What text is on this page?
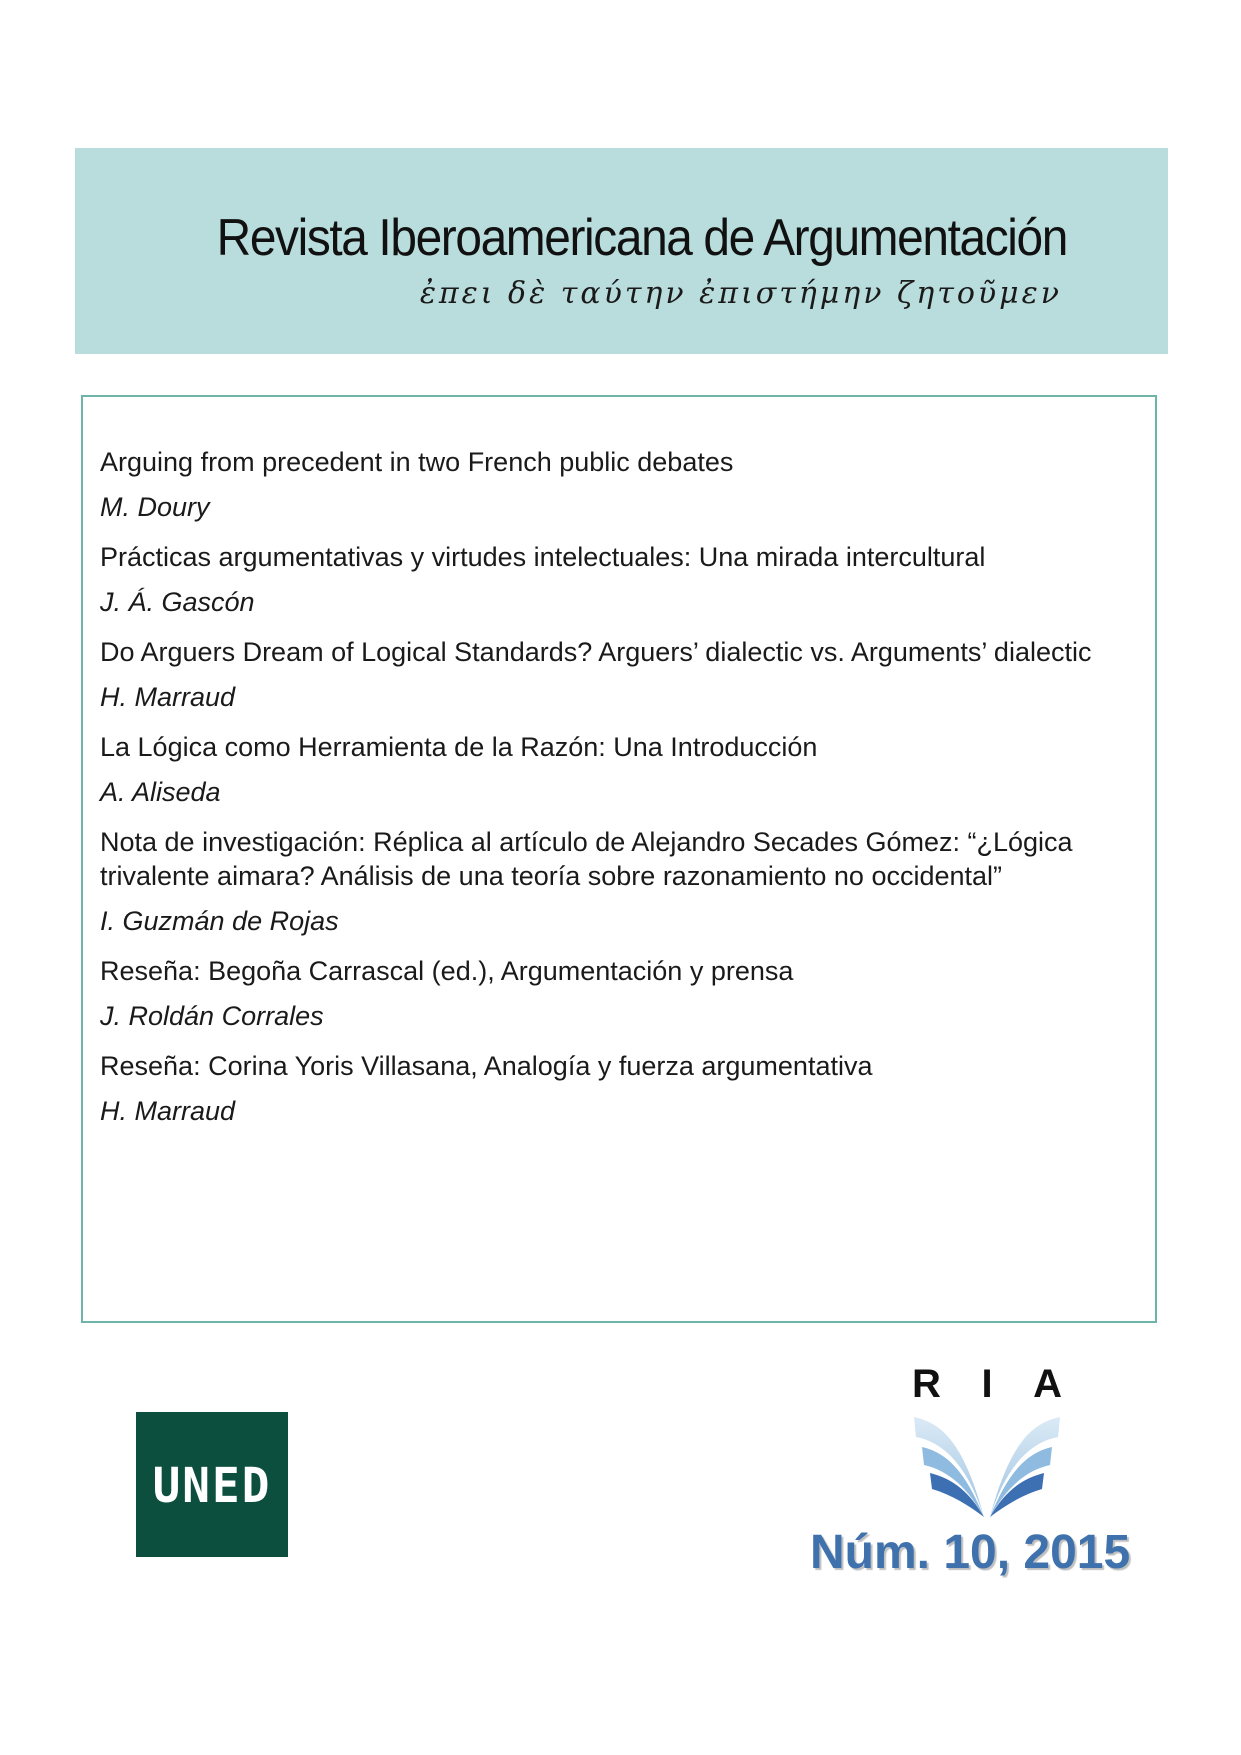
Revista Iberoamericana de Argumentación
ἐπει δὲ ταύτην ἐπιστήμην ζητοῦμεν
Arguing from precedent in two French public debates
M. Doury
Prácticas argumentativas y virtudes intelectuales: Una mirada intercultural
J. Á. Gascón
Do Arguers Dream of Logical Standards? Arguers’ dialectic vs. Arguments’ dialectic
H. Marraud
La Lógica como Herramienta de la Razón: Una Introducción
A. Aliseda
Nota de investigación: Réplica al artículo de Alejandro Secades Gómez: “¿Lógica trivalente aimara? Análisis de una teoría sobre razonamiento no occidental”
I. Guzmán de Rojas
Reseña: Begoña Carrascal (ed.), Argumentación y prensa
J. Roldán Corrales
Reseña: Corina Yoris Villasana, Analogía y fuerza argumentativa
H. Marraud
UNED
R I A
Núm. 10, 2015
